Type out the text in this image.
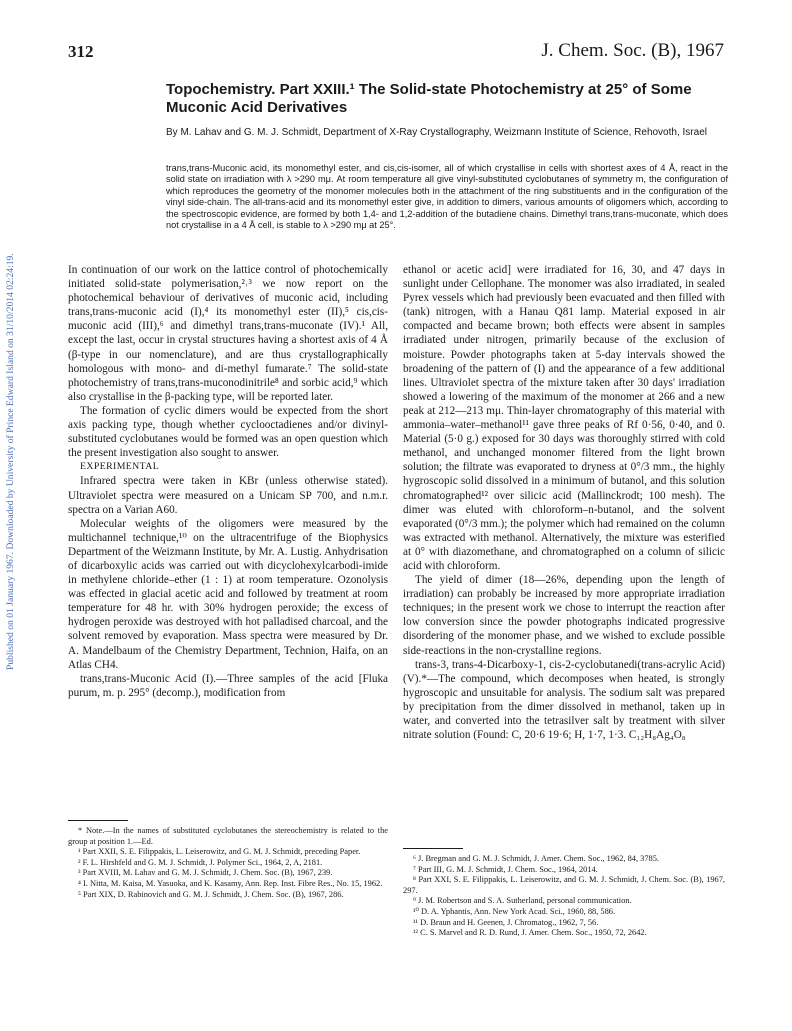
312	J. Chem. Soc. (B), 1967
Published on 01 January 1967. Downloaded by University of Prince Edward Island on 31/10/2014 02:24:19.
Topochemistry. Part XXIII.¹ The Solid-state Photochemistry at 25° of Some Muconic Acid Derivatives

By M. Lahav and G. M. J. Schmidt, Department of X-Ray Crystallography, Weizmann Institute of Science, Rehovoth, Israel

trans,trans-Muconic acid, its monomethyl ester, and cis,cis-isomer, all of which crystallise in cells with shortest axes of 4 Å, react in the solid state on irradiation with λ >290 mμ. At room temperature all give vinyl-substituted cyclobutanes of symmetry m, the configuration of which reproduces the geometry of the monomer molecules both in the attachment of the ring substituents and in the configuration of the vinyl side-chain. The all-trans-acid and its monomethyl ester give, in addition to dimers, various amounts of oligomers which, according to the spectroscopic evidence, are formed by both 1,4- and 1,2-addition of the butadiene chains. Dimethyl trans,trans-muconate, which does not crystallise in a 4 Å cell, is stable to λ >290 mμ at 25°.

In continuation of our work on the lattice control of photochemically initiated solid-state polymerisation,²˒³ we now report on the photochemical behaviour of derivatives of muconic acid, including trans,trans-muconic acid (I),⁴ its monomethyl ester (II),⁵ cis,cis-muconic acid (III),⁶ and dimethyl trans,trans-muconate (IV).¹ All, except the last, occur in crystal structures having a shortest axis of 4 Å (β-type in our nomenclature), and are thus crystallographically homologous with mono- and di-methyl fumarate.⁷ The solid-state photochemistry of trans,trans-muconodinitrile⁸ and sorbic acid,⁹ which also crystallise in the β-packing type, will be reported later.

The formation of cyclic dimers would be expected from the short axis packing type, though whether cyclooctadienes and/or divinyl-substituted cyclobutanes would be formed was an open question which the present investigation also sought to answer.

EXPERIMENTAL

Infrared spectra were taken in KBr (unless otherwise stated). Ultraviolet spectra were measured on a Unicam SP 700, and n.m.r. spectra on a Varian A60.

Molecular weights of the oligomers were measured by the multichannel technique,¹⁰ on the ultracentrifuge of the Biophysics Department of the Weizmann Institute, by Mr. A. Lustig. Anhydrisation of dicarboxylic acids was carried out with dicyclohexylcarbodi-imide in methylene chloride–ether (1 : 1) at room temperature. Ozonolysis was effected in glacial acetic acid and followed by treatment at room temperature for 48 hr. with 30% hydrogen peroxide; the excess of hydrogen peroxide was destroyed with hot palladised charcoal, and the solvent removed by evaporation. Mass spectra were measured by Dr. A. Mandelbaum of the Chemistry Department, Technion, Haifa, on an Atlas CH4.

trans,trans-Muconic Acid (I).—Three samples of the acid [Fluka purum, m. p. 295° (decomp.), modification from

ethanol or acetic acid] were irradiated for 16, 30, and 47 days in sunlight under Cellophane. The monomer was also irradiated, in sealed Pyrex vessels which had previously been evacuated and then filled with (tank) nitrogen, with a Hanau Q81 lamp. Material exposed in air compacted and became brown; both effects were absent in samples irradiated under nitrogen, primarily because of the exclusion of moisture. Powder photographs taken at 5-day intervals showed the broadening of the pattern of (I) and the appearance of a few additional lines. Ultraviolet spectra of the mixture taken after 30 days' irradiation showed a lowering of the maximum of the monomer at 266 and a new peak at 212—213 mμ. Thin-layer chromatography of this material with ammonia–water–methanol¹¹ gave three peaks of Rf 0·56, 0·40, and 0. Material (5·0 g.) exposed for 30 days was thoroughly stirred with cold methanol, and unchanged monomer filtered from the light brown solution; the filtrate was evaporated to dryness at 0°/3 mm., the highly hygroscopic solid dissolved in a minimum of butanol, and this solution chromatographed¹² over silicic acid (Mallinckrodt; 100 mesh). The dimer was eluted with chloroform–n-butanol, and the solvent evaporated (0°/3 mm.); the polymer which had remained on the column was extracted with methanol. Alternatively, the mixture was esterified at 0° with diazomethane, and chromatographed on a column of silicic acid with chloroform.

The yield of dimer (18—26%, depending upon the length of irradiation) can probably be increased by more appropriate irradiation techniques; in the present work we chose to interrupt the reaction after low conversion since the powder photographs indicated progressive disordering of the monomer phase, and we wished to exclude possible side-reactions in the non-crystalline regions.

trans-3, trans-4-Dicarboxy-1, cis-2-cyclobutanedi(trans-acrylic Acid) (V).*—The compound, which decomposes when heated, is strongly hygroscopic and unsuitable for analysis. The sodium salt was prepared by precipitation from the dimer dissolved in methanol, taken up in water, and converted into the tetrasilver salt by treatment with silver nitrate solution (Found: C, 20·6 19·6; H, 1·7, 1·3. C₁₂H₈Ag₄O₈

* Note.—In the names of substituted cyclobutanes the stereochemistry is related to the group at position 1.—Ed.

¹ Part XXII, S. E. Filippakis, L. Leiserowitz, and G. M. J. Schmidt, preceding Paper.

² F. L. Hirshfeld and G. M. J. Schmidt, J. Polymer Sci., 1964, 2, A, 2181.

³ Part XVIII, M. Lahav and G. M. J. Schmidt, J. Chem. Soc. (B), 1967, 239.

⁴ I. Nitta, M. Kaisa, M. Yasuoka, and K. Kasamy, Ann. Rep. Inst. Fibre Res., No. 15, 1962.

⁵ Part XIX, D. Rabinovich and G. M. J. Schmidt, J. Chem. Soc. (B), 1967, 286.

⁶ J. Bregman and G. M. J. Schmidt, J. Amer. Chem. Soc., 1962, 84, 3785.

⁷ Part III, G. M. J. Schmidt, J. Chem. Soc., 1964, 2014.

⁸ Part XXI, S. E. Filippakis, L. Leiserowitz, and G. M. J. Schmidt, J. Chem. Soc. (B), 1967, 297.

⁹ J. M. Robertson and S. A. Sutherland, personal communication.

¹⁰ D. A. Yphantis, Ann. New York Acad. Sci., 1960, 88, 586.

¹¹ D. Braun and H. Geenen, J. Chromatog., 1962, 7, 56.

¹² C. S. Marvel and R. D. Rund, J. Amer. Chem. Soc., 1950, 72, 2642.
